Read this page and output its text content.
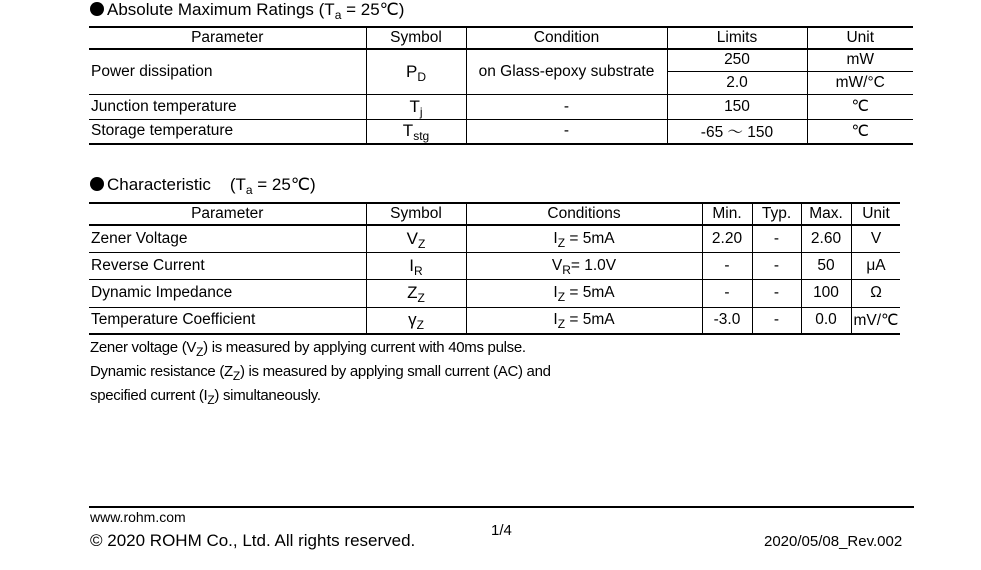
Absolute Maximum Ratings ($T_a$ = 25℃)
Parameter	Symbol	Condition	Limits	Unit
Power dissipation	$P_D$	on Glass-epoxy substrate	250	mW
			2.0	mW/°C
Junction temperature	$T_j$	-	150	℃
Storage temperature	$T_{stg}$	-	-65 ～ 150	℃
Characteristic ($T_a$ = 25℃)
Parameter	Symbol	Conditions	Min.	Typ.	Max.	Unit
Zener Voltage	$V_Z$	$I_Z = 5mA$	2.20	-	2.60	V
Reverse Current	$I_R$	$V_R= 1.0V$	-	-	50	μA
Dynamic Impedance	$Z_Z$	$I_Z = 5mA$	-	-	100	Ω
Temperature Coefficient	$\gamma_Z$	$I_Z = 5mA$	-3.0	-	0.0	mV/℃
Zener voltage $(V_Z)$ is measured by applying current with 40ms pulse.
Dynamic resistance $(Z_Z)$ is measured by applying small current (AC) and
specified current $(I_Z)$ simultaneously.
www.rohm.com
© 2020 ROHM Co., Ltd. All rights reserved.
1/4
2020/05/08_Rev.002
